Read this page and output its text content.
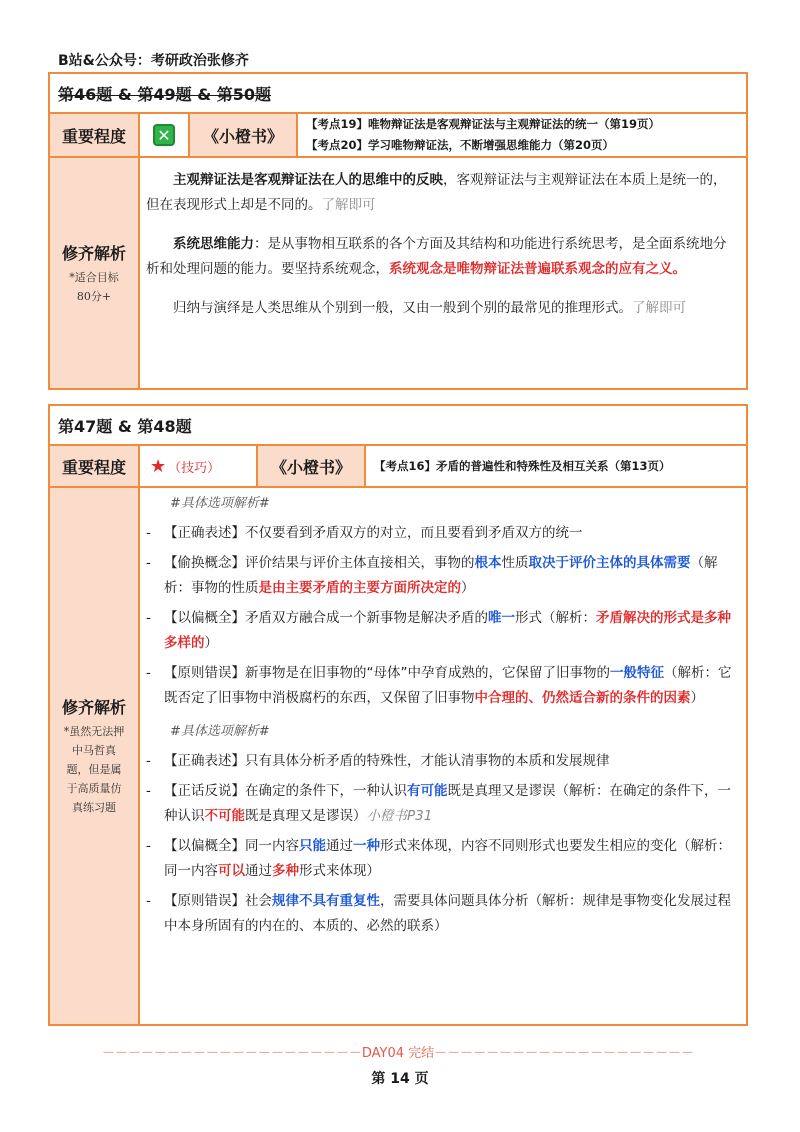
B站&公众号：考研政治张修齐
第46题 & 第49题 & 第50题
重要程度 ✕ 《小橙书》
【考点19】唯物辩证法是客观辩证法与主观辩证法的统一（第19页）
【考点20】学习唯物辩证法，不断增强思维能力（第20页）
修齐解析
*适合目标80分+

主观辩证法是客观辩证法在人的思维中的反映，客观辩证法与主观辩证法在本质上是统一的，但在表现形式上却是不同的。了解即可

系统思维能力：是从事物相互联系的各个方面及其结构和功能进行系统思考，是全面系统地分析和处理问题的能力。要坚持系统观念，系统观念是唯物辩证法普遍联系观念的应有之义。

归纳与演绎是人类思维从个别到一般，又由一般到个别的最常见的推理形式。了解即可

第47题 & 第48题
重要程度 ★ （技巧）	《小橙书》 【考点16】矛盾的普遍性和特殊性及相互关系（第13页）
修齐解析
*虽然无法押中马哲真题，但是属于高质量仿真练习题
#具体选项解析#

- 【正确表述】不仅要看到矛盾双方的对立，而且要看到矛盾双方的统一

- 【偷换概念】评价结果与评价主体直接相关，事物的根本性质取决于评价主体的具体需要（解析：事物的性质是由主要矛盾的主要方面所决定的）

- 【以偏概全】矛盾双方融合成一个新事物是解决矛盾的唯一形式（解析：矛盾解决的形式是多种多样的）

- 【原则错误】新事物是在旧事物的“母体”中孕育成熟的，它保留了旧事物的一般特征（解析：它既否定了旧事物中消极腐朽的东西，又保留了旧事物中合理的、仍然适合新的条件的因素）

#具体选项解析#

- 【正确表述】只有具体分析矛盾的特殊性，才能认清事物的本质和发展规律

- 【正话反说】在确定的条件下，一种认识有可能既是真理又是谬误（解析：在确定的条件下，一种认识不可能既是真理又是谬误）小橙书P31

- 【以偏概全】同一内容只能通过一种形式来体现，内容不同则形式也要发生相应的变化（解析：同一内容可以通过多种形式来体现）

- 【原则错误】社会规律不具有重复性，需要具体问题具体分析（解析：规律是事物变化发展过程中本身所固有的内在的、本质的、必然的联系）

－－－－－－－－－－－－－－－－－－－－DAY04 完结－－－－－－－－－－－－－－－－－－－－
第 14 页
